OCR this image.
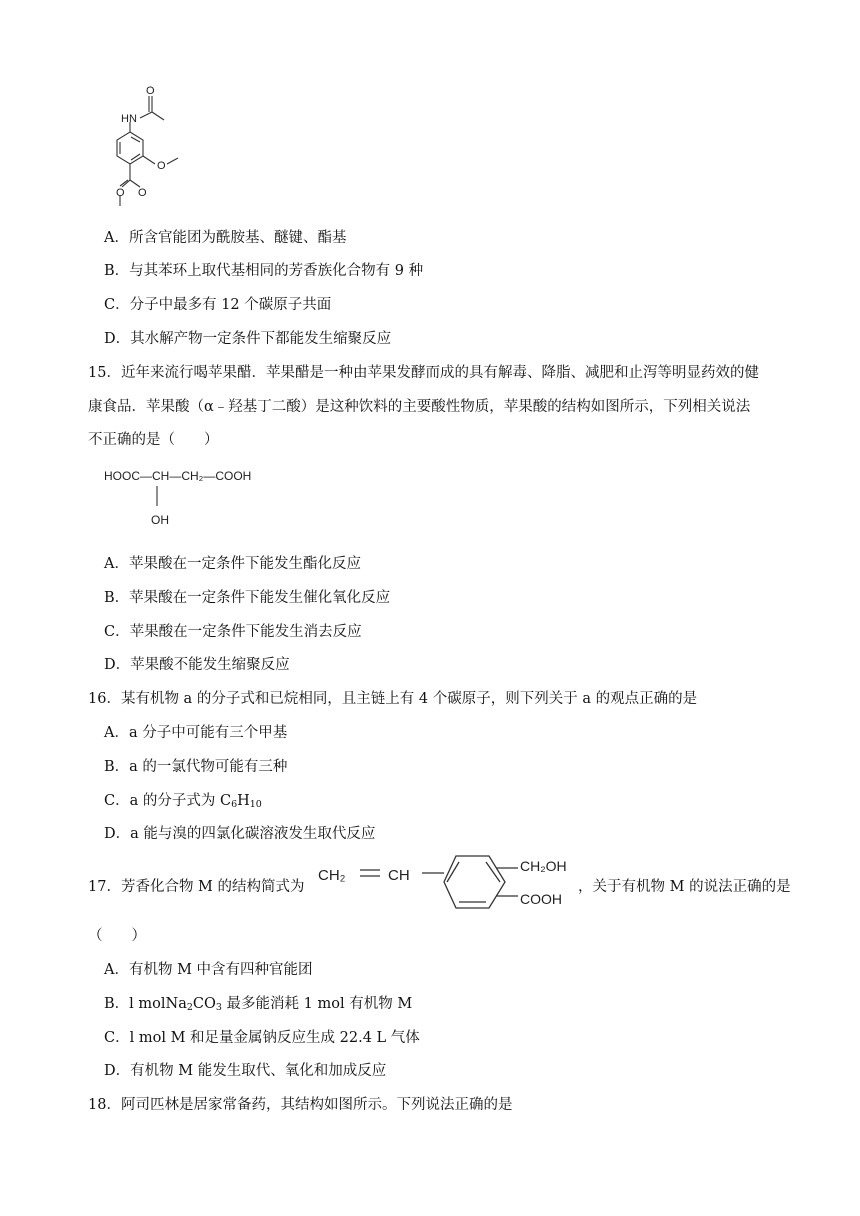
O
HN
O
O
O
A．所含官能团为酰胺基、醚键、酯基
B．与其苯环上取代基相同的芳香族化合物有 9 种
C．分子中最多有 12 个碳原子共面
D．其水解产物一定条件下都能发生缩聚反应
15．近年来流行喝苹果醋．苹果醋是一种由苹果发酵而成的具有解毒、降脂、减肥和止泻等明显药效的健
康食品．苹果酸（α﹣羟基丁二酸）是这种饮料的主要酸性物质，苹果酸的结构如图所示，下列相关说法
不正确的是（　　）
HOOC—CH—CH₂—COOH
OH
A．苹果酸在一定条件下能发生酯化反应
B．苹果酸在一定条件下能发生催化氧化反应
C．苹果酸在一定条件下能发生消去反应
D．苹果酸不能发生缩聚反应
16．某有机物 a 的分子式和已烷相同，且主链上有 4 个碳原子，则下列关于 a 的观点正确的是
A．a 分子中可能有三个甲基
B．a 的一氯代物可能有三种
C．a 的分子式为 $C_6H_{10}$
D．a 能与溴的四氯化碳溶液发生取代反应
17．芳香化合物 M 的结构简式为
CH₂	CH
CH₂OH
COOH
，关于有机物 M 的说法正确的是
（　　）
A．有机物 M 中含有四种官能团
B．l $molNa_2CO_3$ 最多能消耗 1 mol 有机物 M
C．l mol M 和足量金属钠反应生成 22.4 L 气体
D．有机物 M 能发生取代、氧化和加成反应
18．阿司匹林是居家常备药，其结构如图所示。下列说法正确的是
